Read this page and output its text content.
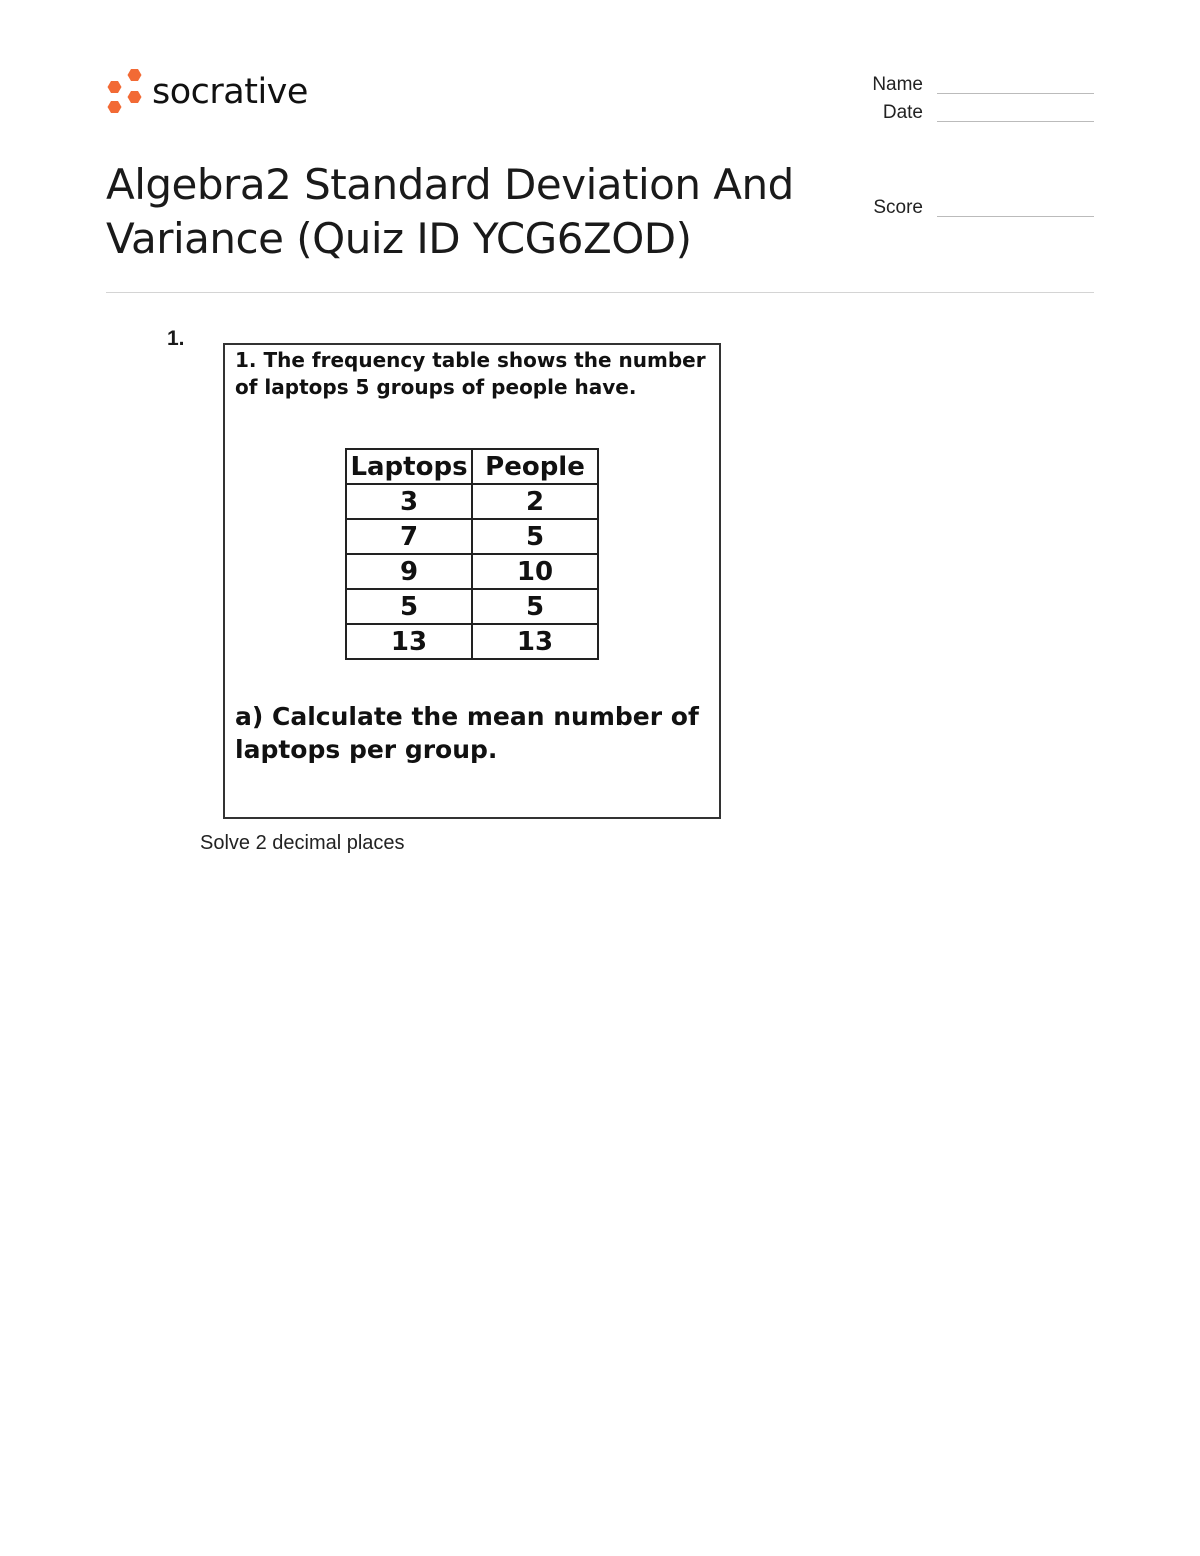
socrative
Algebra2 Standard Deviation And Variance (Quiz ID YCG6ZOD)
Name
Date
Score
1.
1. The frequency table shows the number of laptops 5 groups of people have.
Laptops	People
3	2
7	5
9	10
5	5
13	13
a) Calculate the mean number of laptops per group.
Solve 2 decimal places
